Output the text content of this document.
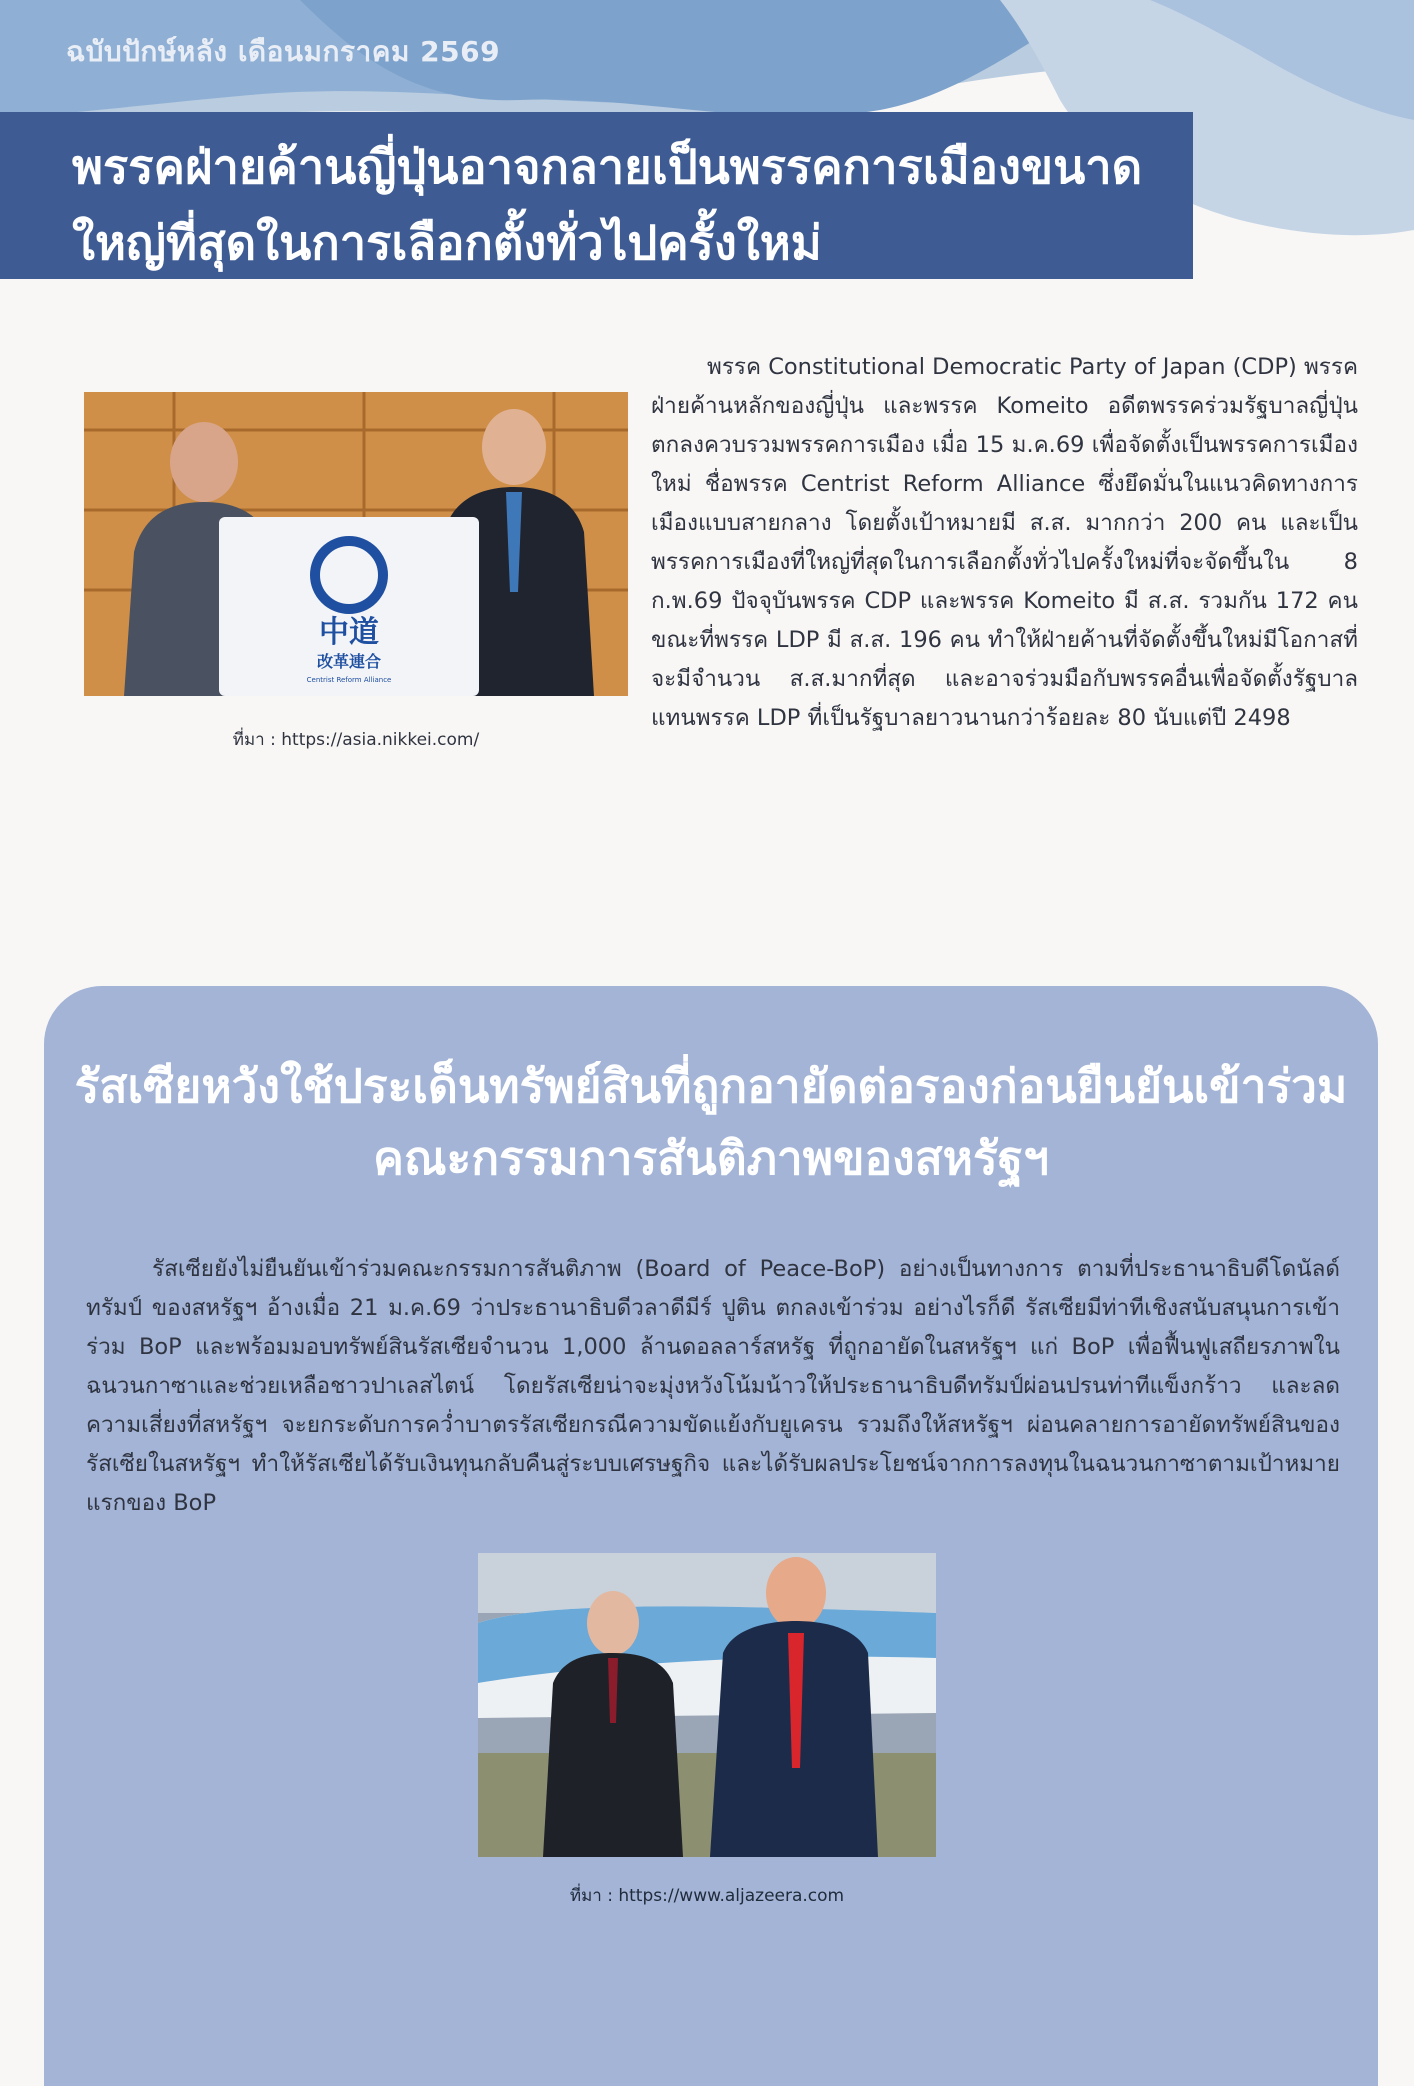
ฉบับปักษ์หลัง เดือนมกราคม 2569
พรรคฝ่ายค้านญี่ปุ่นอาจกลายเป็นพรรคการเมืองขนาดใหญ่ที่สุดในการเลือกตั้งทั่วไปครั้งใหม่
中道
改革連合
Centrist Reform Alliance
ที่มา : https://asia.nikkei.com/
พรรค Constitutional Democratic Party of Japan (CDP) พรรคฝ่ายค้านหลักของญี่ปุ่น และพรรค Komeito อดีตพรรคร่วมรัฐบาลญี่ปุ่น ตกลงควบรวมพรรคการเมือง เมื่อ 15 ม.ค.69 เพื่อจัดตั้งเป็นพรรคการเมืองใหม่ ชื่อพรรค Centrist Reform Alliance ซึ่งยึดมั่นในแนวคิดทางการเมืองแบบสายกลาง โดยตั้งเป้าหมายมี ส.ส. มากกว่า 200 คน และเป็นพรรคการเมืองที่ใหญ่ที่สุดในการเลือกตั้งทั่วไปครั้งใหม่ที่จะจัดขึ้นใน 8 ก.พ.69 ปัจจุบันพรรค CDP และพรรค Komeito มี ส.ส. รวมกัน 172 คน ขณะที่พรรค LDP มี ส.ส. 196 คน ทำให้ฝ่ายค้านที่จัดตั้งขึ้นใหม่มีโอกาสที่จะมีจำนวน ส.ส.มากที่สุด และอาจร่วมมือกับพรรคอื่นเพื่อจัดตั้งรัฐบาลแทนพรรค LDP ที่เป็นรัฐบาลยาวนานกว่าร้อยละ 80 นับแต่ปี 2498
รัสเซียหวังใช้ประเด็นทรัพย์สินที่ถูกอายัดต่อรองก่อนยืนยันเข้าร่วมคณะกรรมการสันติภาพของสหรัฐฯ
รัสเซียยังไม่ยืนยันเข้าร่วมคณะกรรมการสันติภาพ (Board of Peace-BoP) อย่างเป็นทางการ ตามที่ประธานาธิบดีโดนัลด์ ทรัมป์ ของสหรัฐฯ อ้างเมื่อ 21 ม.ค.69 ว่าประธานาธิบดีวลาดีมีร์ ปูติน ตกลงเข้าร่วม อย่างไรก็ดี รัสเซียมีท่าทีเชิงสนับสนุนการเข้าร่วม BoP และพร้อมมอบทรัพย์สินรัสเซียจำนวน 1,000 ล้านดอลลาร์สหรัฐ ที่ถูกอายัดในสหรัฐฯ แก่ BoP เพื่อฟื้นฟูเสถียรภาพในฉนวนกาซาและช่วยเหลือชาวปาเลสไตน์ โดยรัสเซียน่าจะมุ่งหวังโน้มน้าวให้ประธานาธิบดีทรัมป์ผ่อนปรนท่าทีแข็งกร้าว และลดความเสี่ยงที่สหรัฐฯ จะยกระดับการคว่ำบาตรรัสเซียกรณีความขัดแย้งกับยูเครน รวมถึงให้สหรัฐฯ ผ่อนคลายการอายัดทรัพย์สินของรัสเซียในสหรัฐฯ ทำให้รัสเซียได้รับเงินทุนกลับคืนสู่ระบบเศรษฐกิจ และได้รับผลประโยชน์จากการลงทุนในฉนวนกาซาตามเป้าหมายแรกของ BoP
ที่มา : https://www.aljazeera.com
